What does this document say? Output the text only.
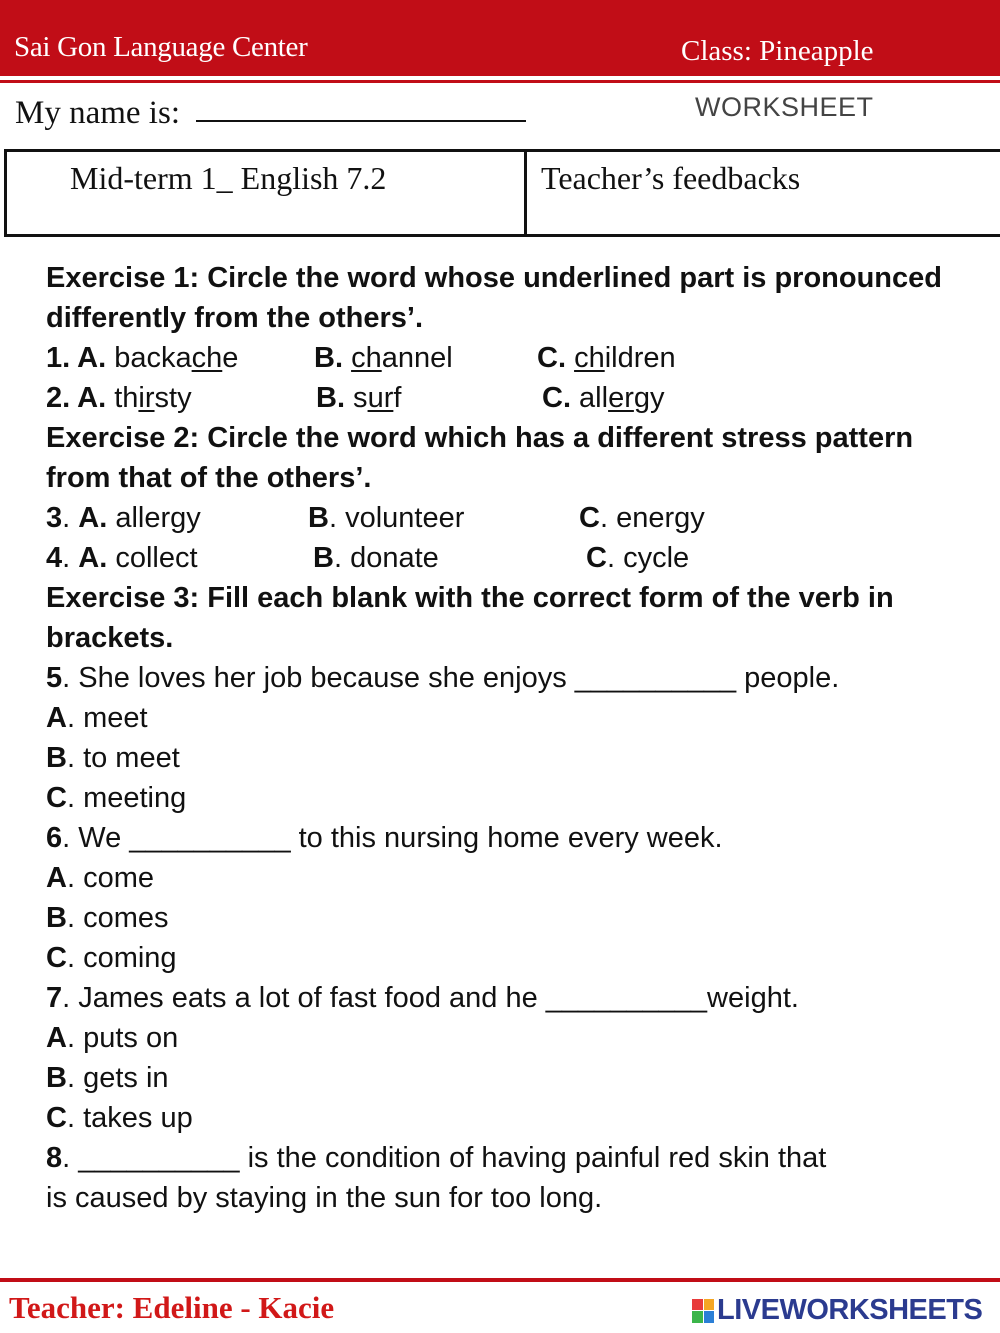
Sai Gon Language Center	Class: Pineapple
My name is:	WORKSHEET
Mid-term 1_ English 7.2	Teacher’s feedbacks
Exercise 1: Circle the word whose underlined part is pronounced differently from the others’.
1. A. backache	B. channel	C. children
2. A. thirsty	B. surf	C. allergy
Exercise 2: Circle the word which has a different stress pattern from that of the others’.
3. A. allergy	B. volunteer	C. energy
4. A. collect	B. donate	C. cycle
Exercise 3: Fill each blank with the correct form of the verb in brackets.
5. She loves her job because she enjoys __________ people.
A. meet
B. to meet
C. meeting
6. We __________ to this nursing home every week.
A. come
B. comes
C. coming
7. James eats a lot of fast food and he __________weight.
A. puts on
B. gets in
C. takes up
8. __________ is the condition of having painful red skin that
is caused by staying in the sun for too long.
Teacher: Edeline - Kacie	LIVEWORKSHEETS
